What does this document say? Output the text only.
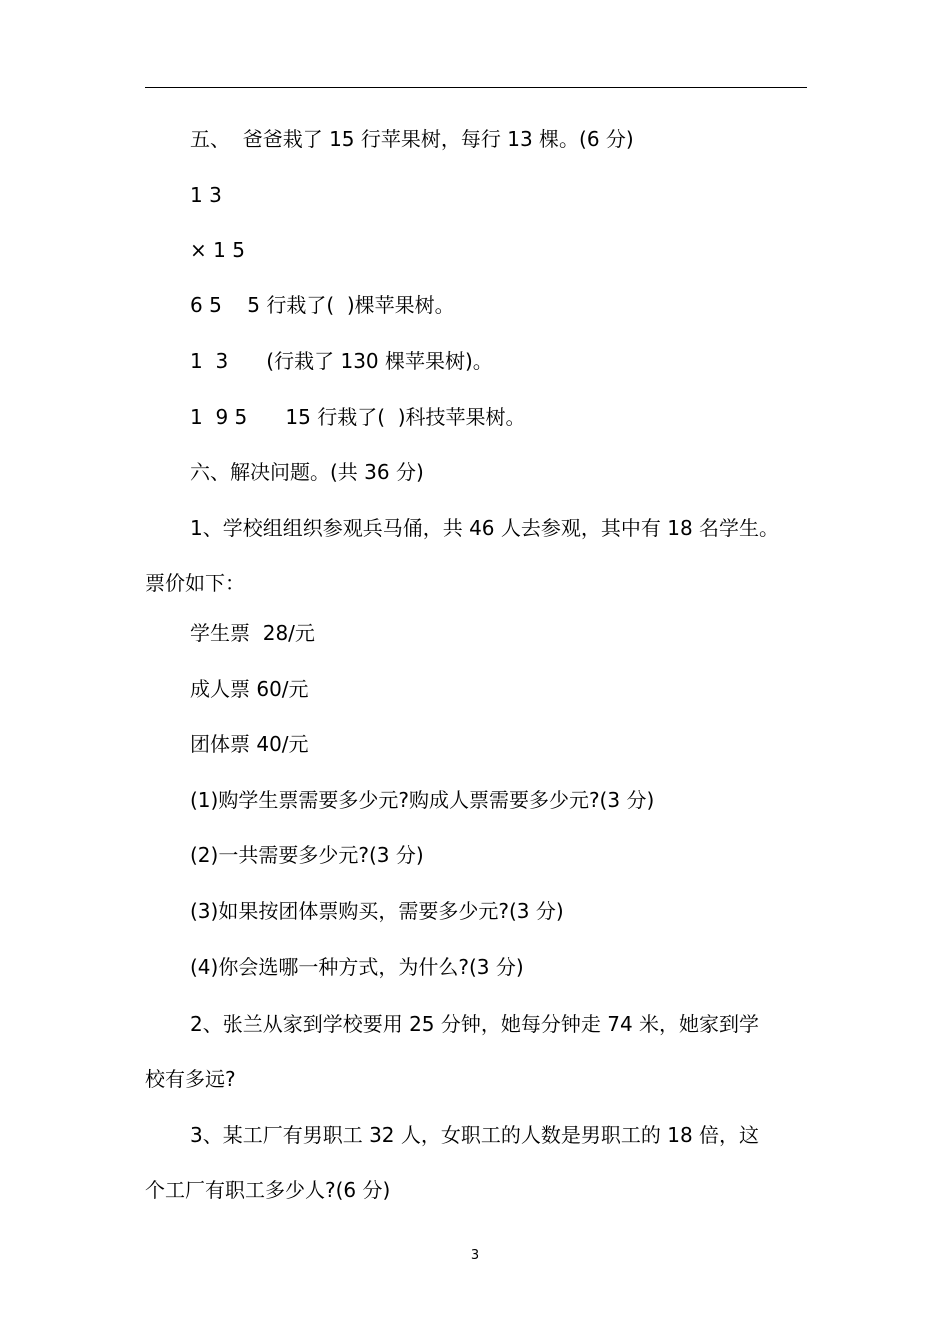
五、  爸爸栽了 15 行苹果树，每行 13 棵。(6 分)
1 3
× 1 5
6 5    5 行栽了(  )棵苹果树。
1  3      (行栽了 130 棵苹果树)。
1  9 5      15 行栽了(  )科技苹果树。
六、解决问题。(共 36 分)
1、学校组组织参观兵马俑，共 46 人去参观，其中有 18 名学生。
票价如下：
学生票  28/元
成人票 60/元
团体票 40/元
(1)购学生票需要多少元?购成人票需要多少元?(3 分)
(2)一共需要多少元?(3 分)
(3)如果按团体票购买，需要多少元?(3 分)
(4)你会选哪一种方式，为什么?(3 分)
2、张兰从家到学校要用 25 分钟，她每分钟走 74 米，她家到学
校有多远?
3、某工厂有男职工 32 人，女职工的人数是男职工的 18 倍，这
个工厂有职工多少人?(6 分)
3
